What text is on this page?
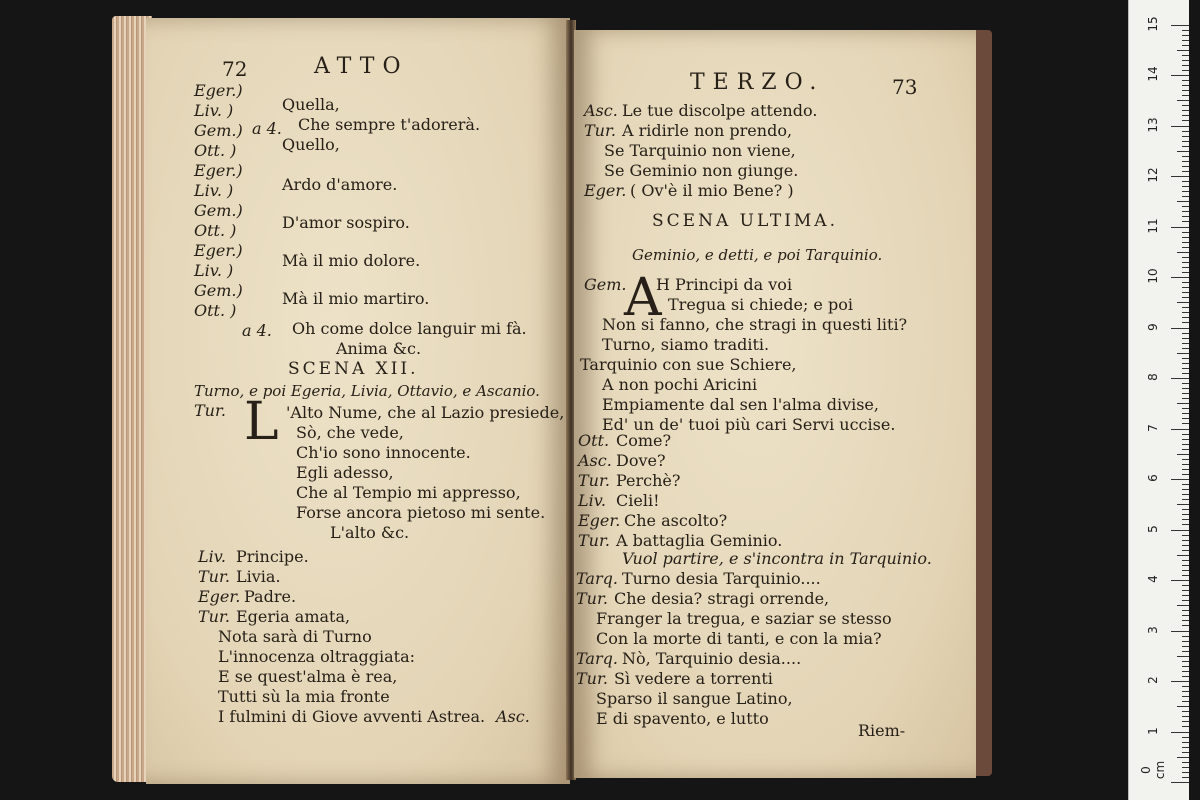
72	ATTO
Eger.)
Liv. )
Gem.)
Ott. )
Eger.)
Liv. )
Gem.)
Ott. )
Eger.)
Liv. )
Gem.)
Ott. )
a 4.
Quella,
Che sempre t'adorerà.
Quello,
Ardo d'amore.
D'amor sospiro.
Mà il mio dolore.
Mà il mio martiro.
a 4. Oh come dolce languir mi fà.
Anima &c.
SCENA XII.
Turno, e poi Egeria, Livia, Ottavio, e Ascanio.
Tur. L 'Alto Nume, che al Lazio presiede,
Sò, che vede,
Ch'io sono innocente.
Egli adesso,
Che al Tempio mi appresso,
Forse ancora pietoso mi sente.
L'alto &c.
Liv. Principe.
Tur. Livia.
Eger. Padre.
Tur. Egeria amata,
Nota sarà di Turno
L'innocenza oltraggiata:
E se quest'alma è rea,
Tutti sù la mia fronte
I fulmini di Giove avventi Astrea. Asc.
TERZO.	73
Asc. Le tue discolpe attendo.
Tur. A ridirle non prendo,
Se Tarquinio non viene,
Se Geminio non giunge.
Eger. ( Ov'è il mio Bene? )
SCENA ULTIMA.
Geminio, e detti, e poi Tarquinio.
Gem.
A
H Principi da voi
Tregua si chiede; e poi
Non si fanno, che stragi in questi liti?
Turno, siamo traditi.
Tarquinio con sue Schiere,
A non pochi Aricini
Empiamente dal sen l'alma divise,
Ed' un de' tuoi più cari Servi uccise.
Ott. Come?
Asc. Dove?
Tur. Perchè?
Liv. Cieli!
Eger. Che ascolto?
Tur. A battaglia Geminio.
Vuol partire, e s'incontra in Tarquinio.
Tarq. Turno desia Tarquinio....
Tur. Che desia? stragi orrende,
Franger la tregua, e saziar se stesso
Con la morte di tanti, e con la mia?
Tarq. Nò, Tarquinio desia....
Tur. Sì vedere a torrenti
Sparso il sangue Latino,
E di spavento, e lutto
Riem-
0 cm
1
2
3
4
5
6
7
8
9
10
11
12
13
14
15
